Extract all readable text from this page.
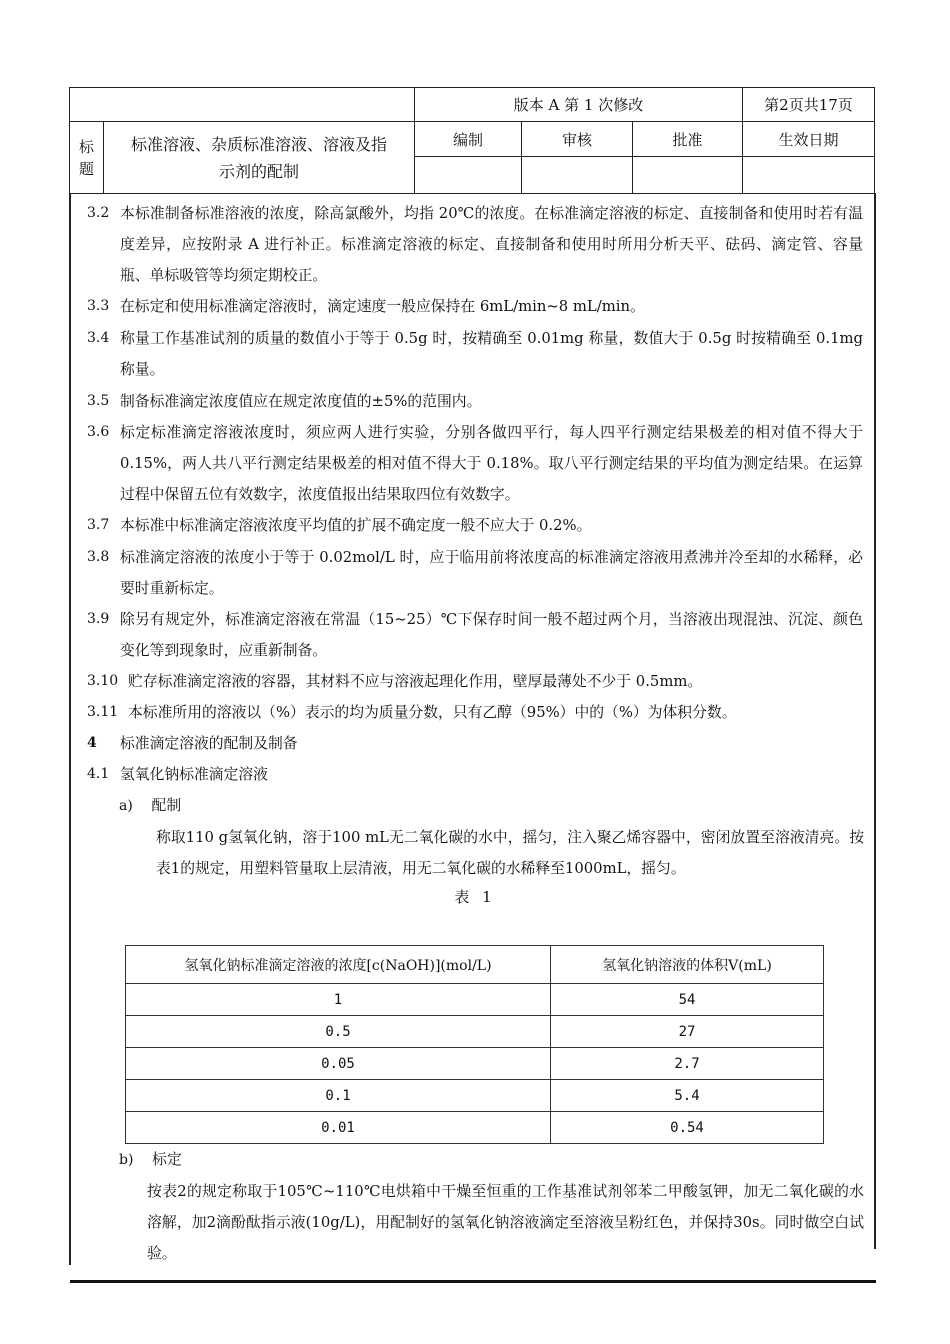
		版本 A 第 1 次修改			第2页共17页

标题	标准溶液、杂质标准溶液、溶液及指示剂的配制	编制	审核	批准	生效日期

3.2 本标准制备标准溶液的浓度，除高氯酸外，均指 20℃的浓度。在标准滴定溶液的标定、直接制备和使用时若有温度差异，应按附录 A 进行补正。标准滴定溶液的标定、直接制备和使用时所用分析天平、砝码、滴定管、容量瓶、单标吸管等均须定期校正。
3.3 在标定和使用标准滴定溶液时，滴定速度一般应保持在 6mL/min~8 mL/min。
3.4 称量工作基准试剂的质量的数值小于等于 0.5g 时，按精确至 0.01mg 称量，数值大于 0.5g 时按精确至 0.1mg 称量。
3.5 制备标准滴定浓度值应在规定浓度值的±5%的范围内。
3.6 标定标准滴定溶液浓度时，须应两人进行实验，分别各做四平行，每人四平行测定结果极差的相对值不得大于 0.15%，两人共八平行测定结果极差的相对值不得大于 0.18%。取八平行测定结果的平均值为测定结果。在运算过程中保留五位有效数字，浓度值报出结果取四位有效数字。
3.7 本标准中标准滴定溶液浓度平均值的扩展不确定度一般不应大于 0.2%。
3.8 标准滴定溶液的浓度小于等于 0.02mol/L 时，应于临用前将浓度高的标准滴定溶液用煮沸并冷至却的水稀释，必要时重新标定。
3.9 除另有规定外，标准滴定溶液在常温（15~25）℃下保存时间一般不超过两个月，当溶液出现混浊、沉淀、颜色变化等到现象时，应重新制备。
3.10 贮存标准滴定溶液的容器，其材料不应与溶液起理化作用，壁厚最薄处不少于 0.5mm。
3.11 本标准所用的溶液以（%）表示的均为质量分数，只有乙醇（95%）中的（%）为体积分数。
4	标准滴定溶液的配制及制备
4.1 氢氧化钠标准滴定溶液
a) 配制
称取110 g氢氧化钠，溶于100 mL无二氧化碳的水中，摇匀，注入聚乙烯容器中，密闭放置至溶液清亮。按表1的规定，用塑料管量取上层清液，用无二氧化碳的水稀释至1000mL，摇匀。
表 1
氢氧化钠标准滴定溶液的浓度[c(NaOH)](mol/L)	氢氧化钠溶液的体积V(mL)
1	54
0.5	27
0.05	2.7
0.1	5.4
0.01	0.54
b) 标定
按表2的规定称取于105℃~110℃电烘箱中干燥至恒重的工作基准试剂邻苯二甲酸氢钾，加无二氧化碳的水溶解，加2滴酚酞指示液(10g/L)，用配制好的氢氧化钠溶液滴定至溶液呈粉红色，并保持30s。同时做空白试验。
